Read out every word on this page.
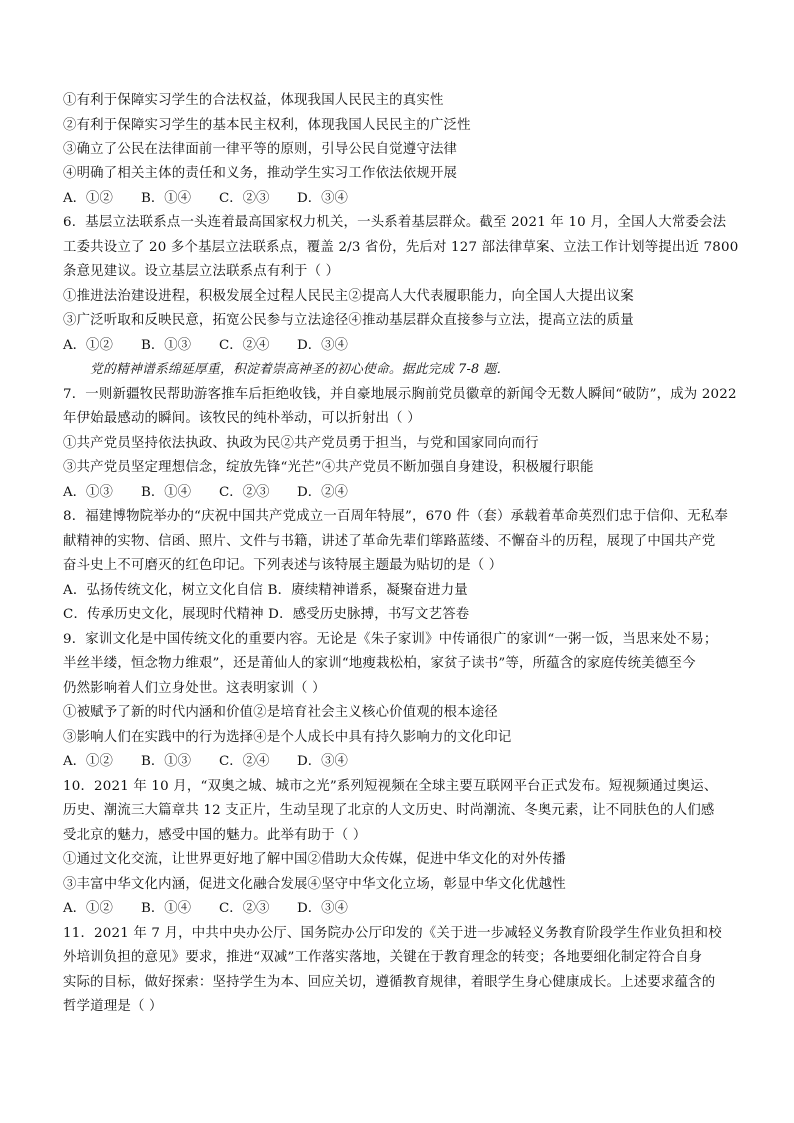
①有利于保障实习学生的合法权益，体现我国人民民主的真实性
②有利于保障实习学生的基本民主权利，体现我国人民民主的广泛性
③确立了公民在法律面前一律平等的原则，引导公民自觉遵守法律
④明确了相关主体的责任和义务，推动学生实习工作依法依规开展
A．①② B．①④ C．②③ D．③④
6．基层立法联系点一头连着最高国家权力机关，一头系着基层群众。截至 2021 年 10 月，全国人大常委会法
工委共设立了 20 多个基层立法联系点，覆盖 2/3 省份，先后对 127 部法律草案、立法工作计划等提出近 7800
条意见建议。设立基层立法联系点有利于（ ）
①推进法治建设进程，积极发展全过程人民民主②提高人大代表履职能力，向全国人大提出议案
③广泛听取和反映民意，拓宽公民参与立法途径④推动基层群众直接参与立法，提高立法的质量
A．①② B．①③ C．②④ D．③④
党的精神谱系绵延厚重，积淀着崇高神圣的初心使命。据此完成 7-8 题．
7．一则新疆牧民帮助游客推车后拒绝收钱，并自豪地展示胸前党员徽章的新闻令无数人瞬间“破防”，成为 2022
年伊始最感动的瞬间。该牧民的纯朴举动，可以折射出（ ）
①共产党员坚持依法执政、执政为民②共产党员勇于担当，与党和国家同向而行
③共产党员坚定理想信念，绽放先锋“光芒”④共产党员不断加强自身建设，积极履行职能
A．①③ B．①④ C．②③ D．②④
8．福建博物院举办的“庆祝中国共产党成立一百周年特展”，670 件（套）承载着革命英烈们忠于信仰、无私奉
献精神的实物、信函、照片、文件与书籍，讲述了革命先辈们筚路蓝缕、不懈奋斗的历程，展现了中国共产党
奋斗史上不可磨灭的红色印记。下列表述与该特展主题最为贴切的是（ ）
A．弘扬传统文化，树立文化自信 B．赓续精神谱系，凝聚奋进力量
C．传承历史文化，展现时代精神 D．感受历史脉搏，书写文艺答卷
9．家训文化是中国传统文化的重要内容。无论是《朱子家训》中传诵很广的家训“一粥一饭，当思来处不易；
半丝半缕，恒念物力维艰”，还是莆仙人的家训“地瘦栽松柏，家贫子读书”等，所蕴含的家庭传统美德至今
仍然影响着人们立身处世。这表明家训（ ）
①被赋予了新的时代内涵和价值②是培育社会主义核心价值观的根本途径
③影响人们在实践中的行为选择④是个人成长中具有持久影响力的文化印记
A．①② B．①③ C．②④ D．③④
10．2021 年 10 月，“双奥之城、城市之光”系列短视频在全球主要互联网平台正式发布。短视频通过奥运、
历史、潮流三大篇章共 12 支正片，生动呈现了北京的人文历史、时尚潮流、冬奥元素，让不同肤色的人们感
受北京的魅力，感受中国的魅力。此举有助于（ ）
①通过文化交流，让世界更好地了解中国②借助大众传媒，促进中华文化的对外传播
③丰富中华文化内涵，促进文化融合发展④坚守中华文化立场，彰显中华文化优越性
A．①② B．①④ C．②③ D．③④
11．2021 年 7 月，中共中央办公厅、国务院办公厅印发的《关于进一步减轻义务教育阶段学生作业负担和校
外培训负担的意见》要求，推进“双减”工作落实落地，关键在于教育理念的转变；各地要细化制定符合自身
实际的目标，做好探索：坚持学生为本、回应关切，遵循教育规律，着眼学生身心健康成长。上述要求蕴含的
哲学道理是（ ）
